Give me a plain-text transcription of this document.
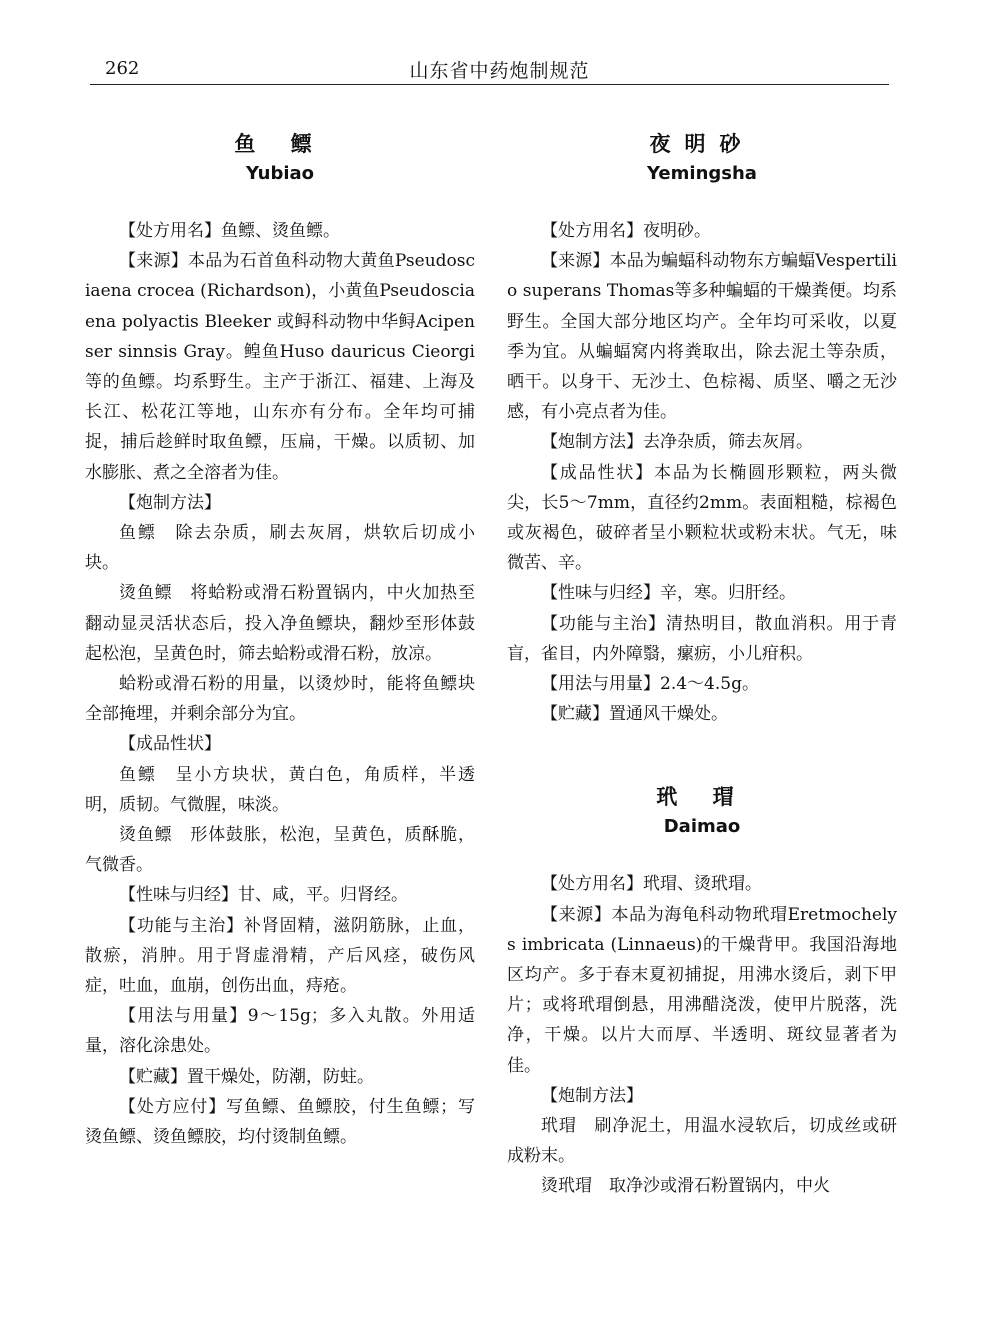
262	山东省中药炮制规范
鱼 鳔
Yubiao

【处方用名】鱼鳔、烫鱼鳔。

【来源】本品为石首鱼科动物大黄鱼Pseudosciaena crocea (Richardson)，小黄鱼Pseudosciaena polyactis Bleeker 或鲟科动物中华鲟Acipenser sinnsis Gray。鳇鱼Huso dauricus Cieorgi等的鱼鳔。均系野生。主产于浙江、福建、上海及长江、松花江等地，山东亦有分布。全年均可捕捉，捕后趁鲜时取鱼鳔，压扁，干燥。以质韧、加水膨胀、煮之全溶者为佳。

【炮制方法】

鱼鳔　除去杂质，刷去灰屑，烘软后切成小块。

烫鱼鳔　将蛤粉或滑石粉置锅内，中火加热至翻动显灵活状态后，投入净鱼鳔块，翻炒至形体鼓起松泡，呈黄色时，筛去蛤粉或滑石粉，放凉。

蛤粉或滑石粉的用量，以烫炒时，能将鱼鳔块全部掩埋，并剩余部分为宜。

【成品性状】

鱼鳔　呈小方块状，黄白色，角质样，半透明，质韧。气微腥，味淡。

烫鱼鳔　形体鼓胀，松泡，呈黄色，质酥脆，气微香。

【性味与归经】甘、咸，平。归肾经。

【功能与主治】补肾固精，滋阴筋脉，止血，散瘀，消肿。用于肾虚滑精，产后风痉，破伤风症，吐血，血崩，创伤出血，痔疮。

【用法与用量】9～15g；多入丸散。外用适量，溶化涂患处。

【贮藏】置干燥处，防潮，防蛀。

【处方应付】写鱼鳔、鱼鳔胶，付生鱼鳔；写烫鱼鳔、烫鱼鳔胶，均付烫制鱼鳔。

夜明砂
Yemingsha

【处方用名】夜明砂。

【来源】本品为蝙蝠科动物东方蝙蝠Vespertilio superans Thomas等多种蝙蝠的干燥粪便。均系野生。全国大部分地区均产。全年均可采收，以夏季为宜。从蝙蝠窝内将粪取出，除去泥土等杂质，晒干。以身干、无沙土、色棕褐、质坚、嚼之无沙感，有小亮点者为佳。

【炮制方法】去净杂质，筛去灰屑。

【成品性状】本品为长椭圆形颗粒，两头微尖，长5～7mm，直径约2mm。表面粗糙，棕褐色或灰褐色，破碎者呈小颗粒状或粉末状。气无，味微苦、辛。

【性味与归经】辛，寒。归肝经。

【功能与主治】清热明目，散血消积。用于青盲，雀目，内外障翳，瘰疬，小儿疳积。

【用法与用量】2.4～4.5g。

【贮藏】置通风干燥处。

玳 瑁
Daimao

【处方用名】玳瑁、烫玳瑁。

【来源】本品为海龟科动物玳瑁Eretmochelys imbricata (Linnaeus)的干燥背甲。我国沿海地区均产。多于春末夏初捕捉，用沸水烫后，剥下甲片；或将玳瑁倒悬，用沸醋浇泼，使甲片脱落，洗净，干燥。以片大而厚、半透明、斑纹显著者为佳。

【炮制方法】

玳瑁　刷净泥土，用温水浸软后，切成丝或研成粉末。

烫玳瑁　取净沙或滑石粉置锅内，中火
